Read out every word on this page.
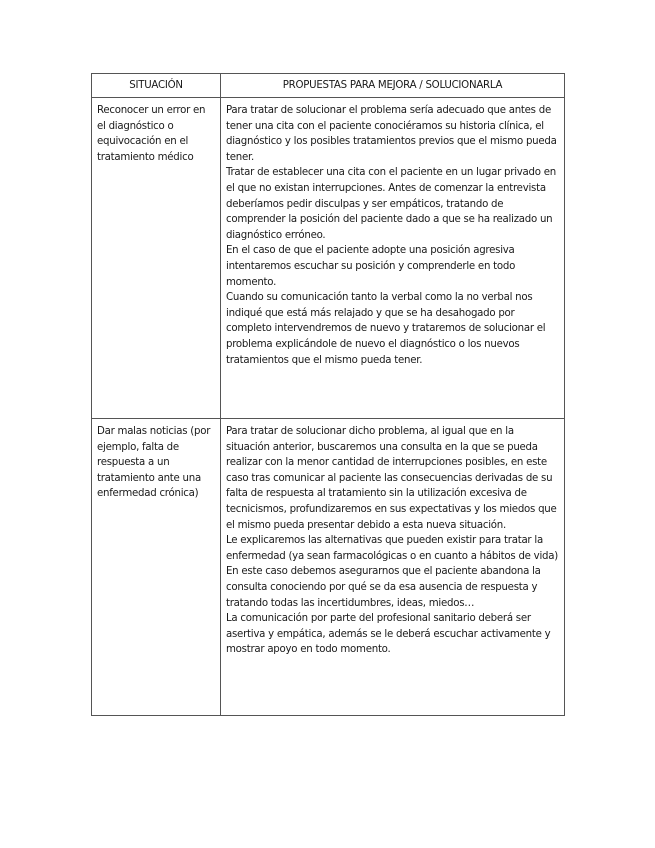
SITUACIÓN	PROPUESTAS PARA MEJORA / SOLUCIONARLA

Reconocer un error en el diagnóstico o equivocación en el tratamiento médico	Para tratar de solucionar el problema sería adecuado que antes de tener una cita con el paciente conociéramos su historia clínica, el diagnóstico y los posibles tratamientos previos que el mismo pueda tener.

Tratar de establecer una cita con el paciente en un lugar privado en el que no existan interrupciones. Antes de comenzar la entrevista deberíamos pedir disculpas y ser empáticos, tratando de comprender la posición del paciente dado a que se ha realizado un diagnóstico erróneo.

En el caso de que el paciente adopte una posición agresiva intentaremos escuchar su posición y comprenderle en todo momento.

Cuando su comunicación tanto la verbal como la no verbal nos indiqué que está más relajado y que se ha desahogado por completo intervendremos de nuevo y trataremos de solucionar el problema explicándole de nuevo el diagnóstico o los nuevos tratamientos que el mismo pueda tener.

Dar malas noticias (por ejemplo, falta de respuesta a un tratamiento ante una enfermedad crónica)	Para tratar de solucionar dicho problema, al igual que en la situación anterior, buscaremos una consulta en la que se pueda realizar con la menor cantidad de interrupciones posibles, en este caso tras comunicar al paciente las consecuencias derivadas de su falta de respuesta al tratamiento sin la utilización excesiva de tecnicismos, profundizaremos en sus expectativas y los miedos que el mismo pueda presentar debido a esta nueva situación.

Le explicaremos las alternativas que pueden existir para tratar la enfermedad (ya sean farmacológicas o en cuanto a hábitos de vida)

En este caso debemos asegurarnos que el paciente abandona la consulta conociendo por qué se da esa ausencia de respuesta y tratando todas las incertidumbres, ideas, miedos…

La comunicación por parte del profesional sanitario deberá ser asertiva y empática, además se le deberá escuchar activamente y mostrar apoyo en todo momento.
